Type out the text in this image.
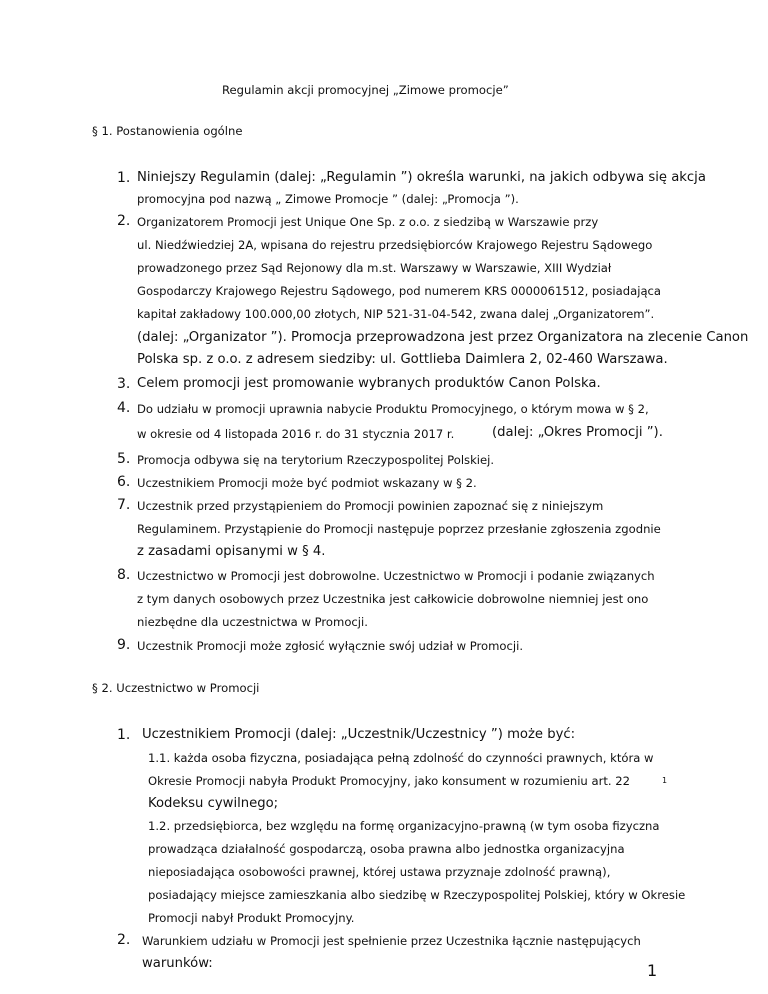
Regulamin akcji promocyjnej „Zimowe promocje”
§ 1. Postanowienia ogólne
1. Niniejszy Regulamin (dalej: „Regulamin ”) określa warunki, na jakich odbywa się akcja
promocyjna pod nazwą „ Zimowe Promocje ” (dalej: „Promocja ”).
2. Organizatorem Promocji jest Unique One Sp. z o.o. z siedzibą w Warszawie przy
ul. Niedźwiedziej 2A, wpisana do rejestru przedsiębiorców Krajowego Rejestru Sądowego
prowadzonego przez Sąd Rejonowy dla m.st. Warszawy w Warszawie, XIII Wydział
Gospodarczy Krajowego Rejestru Sądowego, pod numerem KRS 0000061512, posiadająca
kapitał zakładowy 100.000,00 złotych, NIP 521-31-04-542, zwana dalej „Organizatorem”.
(dalej: „Organizator ”). Promocja przeprowadzona jest przez Organizatora na zlecenie Canon
Polska sp. z o.o. z adresem siedziby: ul. Gottlieba Daimlera 2, 02-460 Warszawa.
3. Celem promocji jest promowanie wybranych produktów Canon Polska.
4. Do udziału w promocji uprawnia nabycie Produktu Promocyjnego, o którym mowa w § 2,
w okresie od 4 listopada 2016 r. do 31 stycznia 2017 r.	(dalej: „Okres Promocji ”).
5. Promocja odbywa się na terytorium Rzeczypospolitej Polskiej.
6. Uczestnikiem Promocji może być podmiot wskazany w § 2.
7. Uczestnik przed przystąpieniem do Promocji powinien zapoznać się z niniejszym
Regulaminem. Przystąpienie do Promocji następuje poprzez przesłanie zgłoszenia zgodnie
z zasadami opisanymi w § 4.
8. Uczestnictwo w Promocji jest dobrowolne. Uczestnictwo w Promocji i podanie związanych
z tym danych osobowych przez Uczestnika jest całkowicie dobrowolne niemniej jest ono
niezbędne dla uczestnictwa w Promocji.
9. Uczestnik Promocji może zgłosić wyłącznie swój udział w Promocji.
§ 2. Uczestnictwo w Promocji
1. Uczestnikiem Promocji (dalej: „Uczestnik/Uczestnicy ”) może być:
1.1. każda osoba fizyczna, posiadająca pełną zdolność do czynności prawnych, która w
Okresie Promocji nabyła Produkt Promocyjny, jako konsument w rozumieniu art. 22	1
Kodeksu cywilnego;
1.2. przedsiębiorca, bez względu na formę organizacyjno-prawną (w tym osoba fizyczna
prowadząca działalność gospodarczą, osoba prawna albo jednostka organizacyjna
nieposiadająca osobowości prawnej, której ustawa przyznaje zdolność prawną),
posiadający miejsce zamieszkania albo siedzibę w Rzeczypospolitej Polskiej, który w Okresie
Promocji nabył Produkt Promocyjny.
2. Warunkiem udziału w Promocji jest spełnienie przez Uczestnika łącznie następujących
warunków:	1
